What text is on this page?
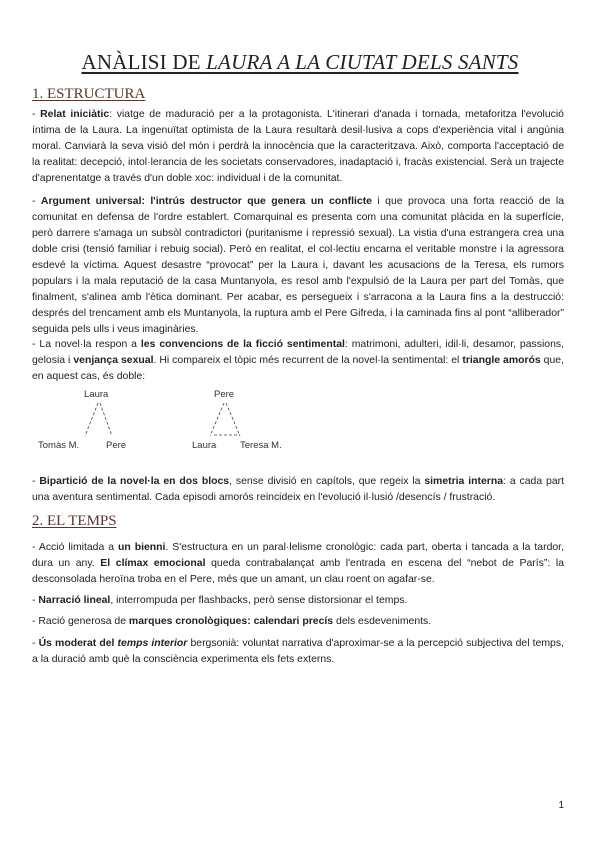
ANÀLISI DE LAURA A LA CIUTAT DELS SANTS
1. ESTRUCTURA
- Relat iniciàtic: viatge de maduració per a la protagonista. L'itinerari d'anada i tornada, metaforitza l'evolució íntima de la Laura. La ingenuïtat optimista de la Laura resultarà desil·lusiva a cops d'experiència vital i angúnia moral. Canviarà la seva visió del món i perdrà la innocència que la caracteritzava. Això, comporta l'acceptació de la realitat: decepció, intol·lerancia de les societats conservadores, inadaptació i, fracàs existencial. Serà un trajecte d'aprenentatge a través d'un doble xoc: individual i de la comunitat.
- Argument universal: l'intrús destructor que genera un conflicte i que provoca una forta reacció de la comunitat en defensa de l'ordre establert. Comarquinal es presenta com una comunitat plàcida en la superfície, però darrere s'amaga un subsòl contradictori (puritanisme i repressió sexual). La vistia d'una estrangera crea una doble crisi (tensió familiar i rebuig social). Però en realitat, el col·lectiu encarna el veritable monstre i la agressora esdevé la víctima. Aquest desastre “provocat” per la Laura i, davant les acusacions de la Teresa, els rumors populars i la mala reputació de la casa Muntanyola, es resol amb l'expulsió de la Laura per part del Tomàs, que finalment, s'alinea amb l'ètica dominant. Per acabar, es persegueix i s'arracona a la Laura fins a la destrucció: després del trencament amb els Muntanyola, la ruptura amb el Pere Gifreda, i la caminada fins al pont “alliberador” seguida pels ulls i veus imaginàries.
- La novel·la respon a les convencions de la ficció sentimental: matrimoni, adulteri, idil·li, desamor, passions, gelosia i venjança sexual. Hi compareix el tòpic més recurrent de la novel·la sentimental: el triangle amorós que, en aquest cas, és doble:
Laura
Tomàs M.	Pere
Pere
Laura Teresa M.
- Bipartició de la novel·la en dos blocs, sense divisió en capítols, que regeix la simetria interna: a cada part una aventura sentimental. Cada episodi amorós reincideix en l'evolució il·lusió /desencís / frustració.
2. EL TEMPS
- Acció limitada a un bienni. S'estructura en un paral·lelisme cronològic: cada part, oberta i tancada a la tardor, dura un any. El clímax emocional queda contrabalançat amb l'entrada en escena del “nebot de París”: la desconsolada heroïna troba en el Pere, més que un amant, un clau roent on agafar-se.
- Narració lineal, interrompuda per flashbacks, però sense distorsionar el temps.
- Ració generosa de marques cronològiques: calendari precís dels esdeveniments.
- Ús moderat del temps interior bergsonià: voluntat narrativa d'aproximar-se a la percepció subjectiva del temps, a la duració amb què la consciència experimenta els fets externs.
1
